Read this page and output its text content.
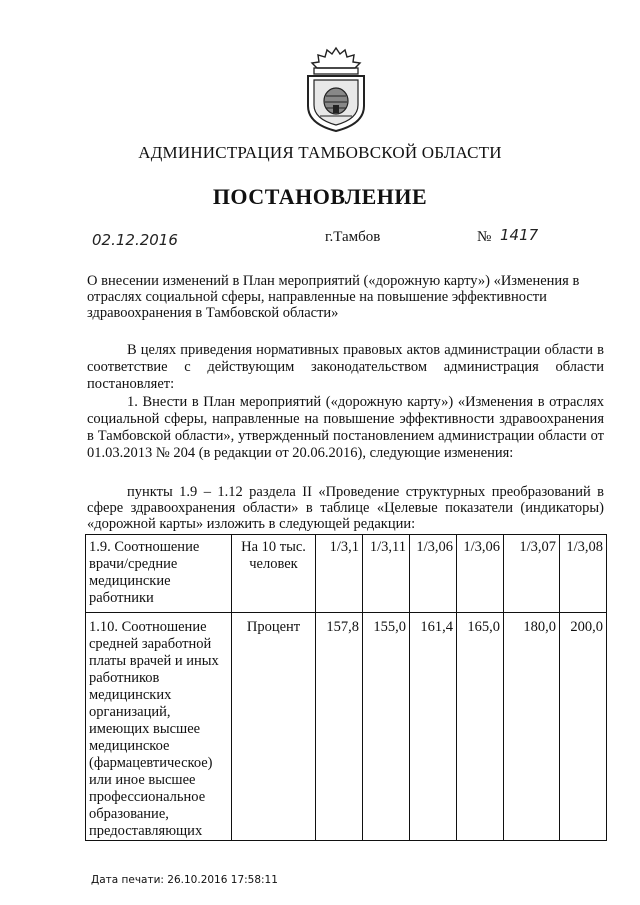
АДМИНИСТРАЦИЯ ТАМБОВСКОЙ ОБЛАСТИ
ПОСТАНОВЛЕНИЕ
02.12.2016	г.Тамбов	№ 1417
О внесении изменений в План мероприятий («дорожную карту») «Изменения в отраслях социальной сферы, направленные на повышение эффективности здравоохранения в Тамбовской области»
В целях приведения нормативных правовых актов администрации области в соответствие с действующим законодательством администрация области постановляет:
1. Внести в План мероприятий («дорожную карту») «Изменения в отраслях социальной сферы, направленные на повышение эффективности здравоохранения в Тамбовской области», утвержденный постановлением администрации области от 01.03.2013 № 204 (в редакции от 20.06.2016), следующие изменения:
пункты 1.9 – 1.12 раздела II «Проведение структурных преобразований в сфере здравоохранения области» в таблице «Целевые показатели (индикаторы) «дорожной карты» изложить в следующей редакции:
1.9. Соотношение врачи/средние медицинские работники	На 10 тыс. человек	1/3,1	1/3,11	1/3,06	1/3,06	1/3,07	1/3,08
1.10. Соотношение средней заработной платы врачей и иных работников медицинских организаций, имеющих высшее медицинское (фармацевтическое) или иное высшее профессиональное образование, предоставляющих	Процент	157,8	155,0	161,4	165,0	180,0	200,0
Дата печати: 26.10.2016 17:58:11
